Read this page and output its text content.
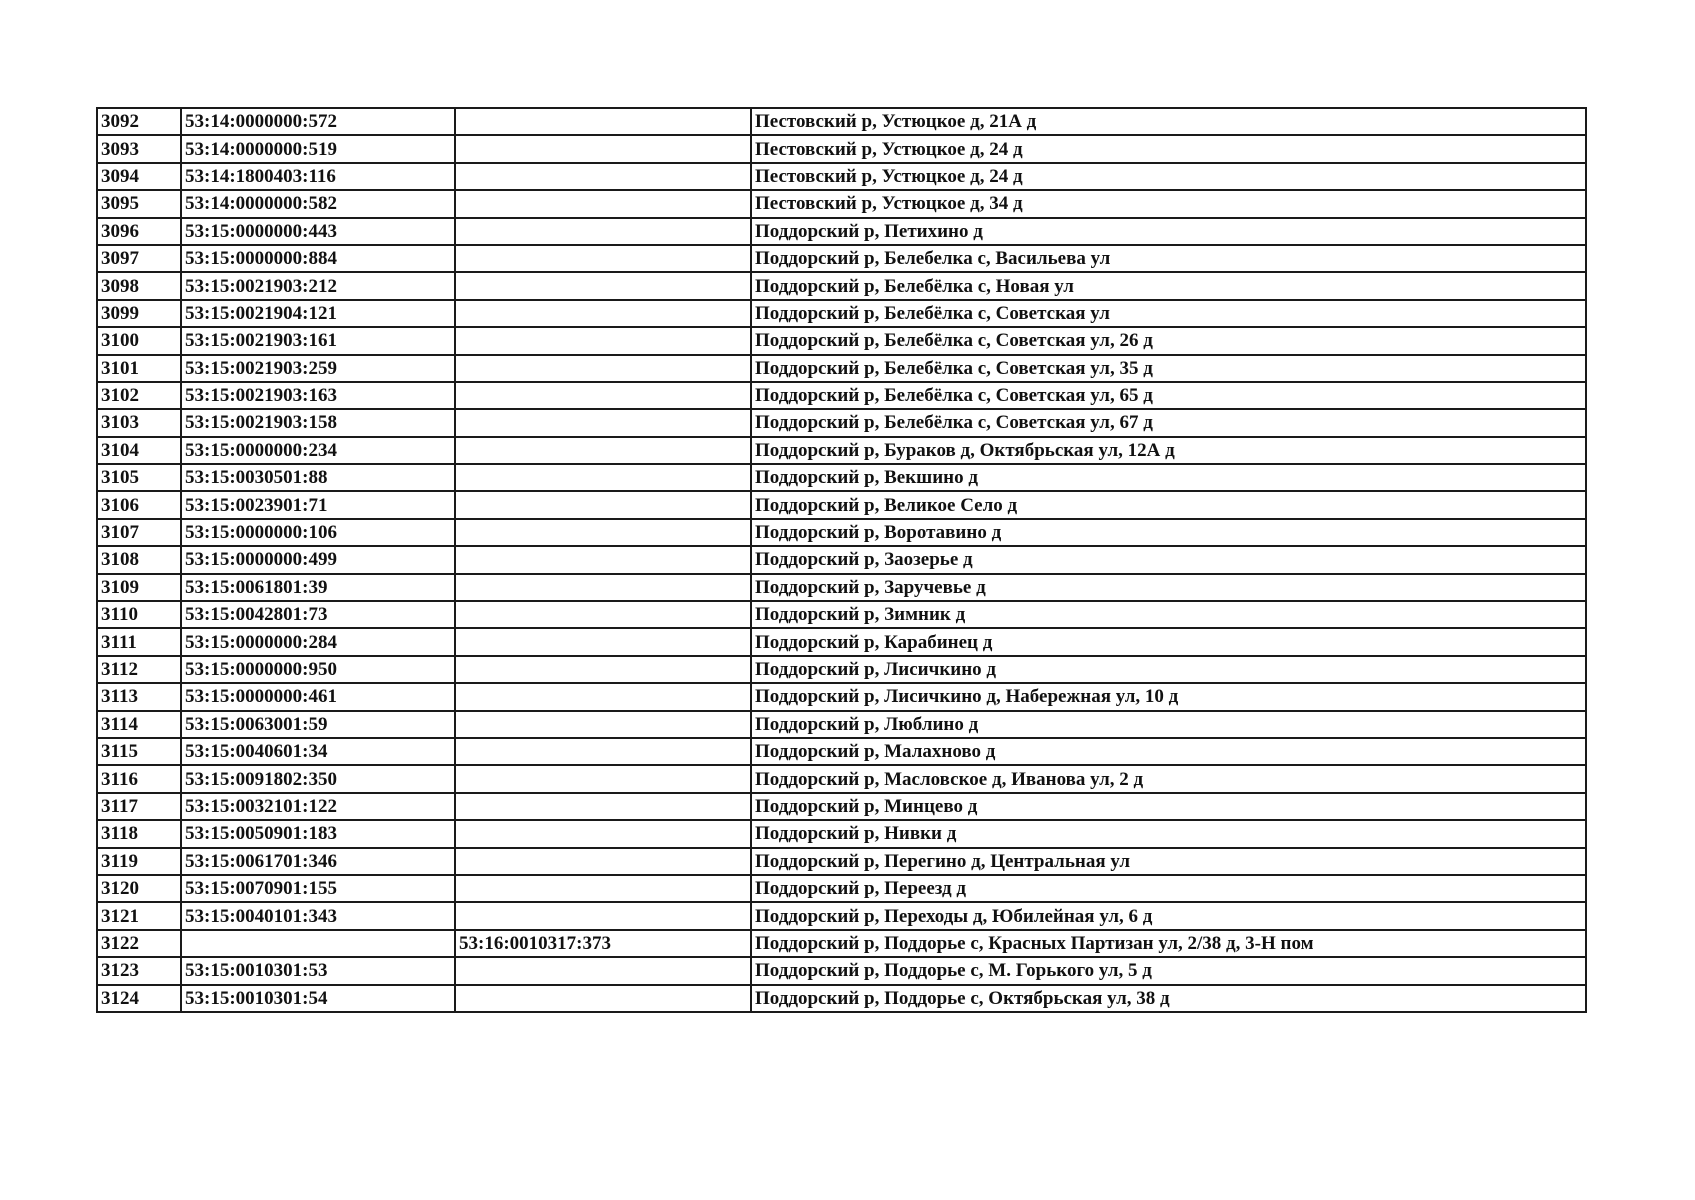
3092	53:14:0000000:572		Пестовский р, Устюцкое д, 21А д
3093	53:14:0000000:519		Пестовский р, Устюцкое д, 24 д
3094	53:14:1800403:116		Пестовский р, Устюцкое д, 24 д
3095	53:14:0000000:582		Пестовский р, Устюцкое д, 34 д
3096	53:15:0000000:443		Поддорский р, Петихино д
3097	53:15:0000000:884		Поддорский р, Белебелка с, Васильева ул
3098	53:15:0021903:212		Поддорский р, Белебёлка с, Новая ул
3099	53:15:0021904:121		Поддорский р, Белебёлка с, Советская ул
3100	53:15:0021903:161		Поддорский р, Белебёлка с, Советская ул, 26 д
3101	53:15:0021903:259		Поддорский р, Белебёлка с, Советская ул, 35 д
3102	53:15:0021903:163		Поддорский р, Белебёлка с, Советская ул, 65 д
3103	53:15:0021903:158		Поддорский р, Белебёлка с, Советская ул, 67 д
3104	53:15:0000000:234		Поддорский р, Бураков д, Октябрьская ул, 12А д
3105	53:15:0030501:88		Поддорский р, Векшино д
3106	53:15:0023901:71		Поддорский р, Великое Село д
3107	53:15:0000000:106		Поддорский р, Воротавино д
3108	53:15:0000000:499		Поддорский р, Заозерье д
3109	53:15:0061801:39		Поддорский р, Заручевье д
3110	53:15:0042801:73		Поддорский р, Зимник д
3111	53:15:0000000:284		Поддорский р, Карабинец д
3112	53:15:0000000:950		Поддорский р, Лисичкино д
3113	53:15:0000000:461		Поддорский р, Лисичкино д, Набережная ул, 10 д
3114	53:15:0063001:59		Поддорский р, Люблино д
3115	53:15:0040601:34		Поддорский р, Малахново д
3116	53:15:0091802:350		Поддорский р, Масловское д, Иванова ул, 2 д
3117	53:15:0032101:122		Поддорский р, Минцево д
3118	53:15:0050901:183		Поддорский р, Нивки д
3119	53:15:0061701:346		Поддорский р, Перегино д, Центральная ул
3120	53:15:0070901:155		Поддорский р, Переезд д
3121	53:15:0040101:343		Поддорский р, Переходы д, Юбилейная ул, 6 д
3122		53:16:0010317:373	Поддорский р, Поддорье с, Красных Партизан ул, 2/38 д, 3-Н пом
3123	53:15:0010301:53		Поддорский р, Поддорье с, М. Горького ул, 5 д
3124	53:15:0010301:54		Поддорский р, Поддорье с, Октябрьская ул, 38 д
